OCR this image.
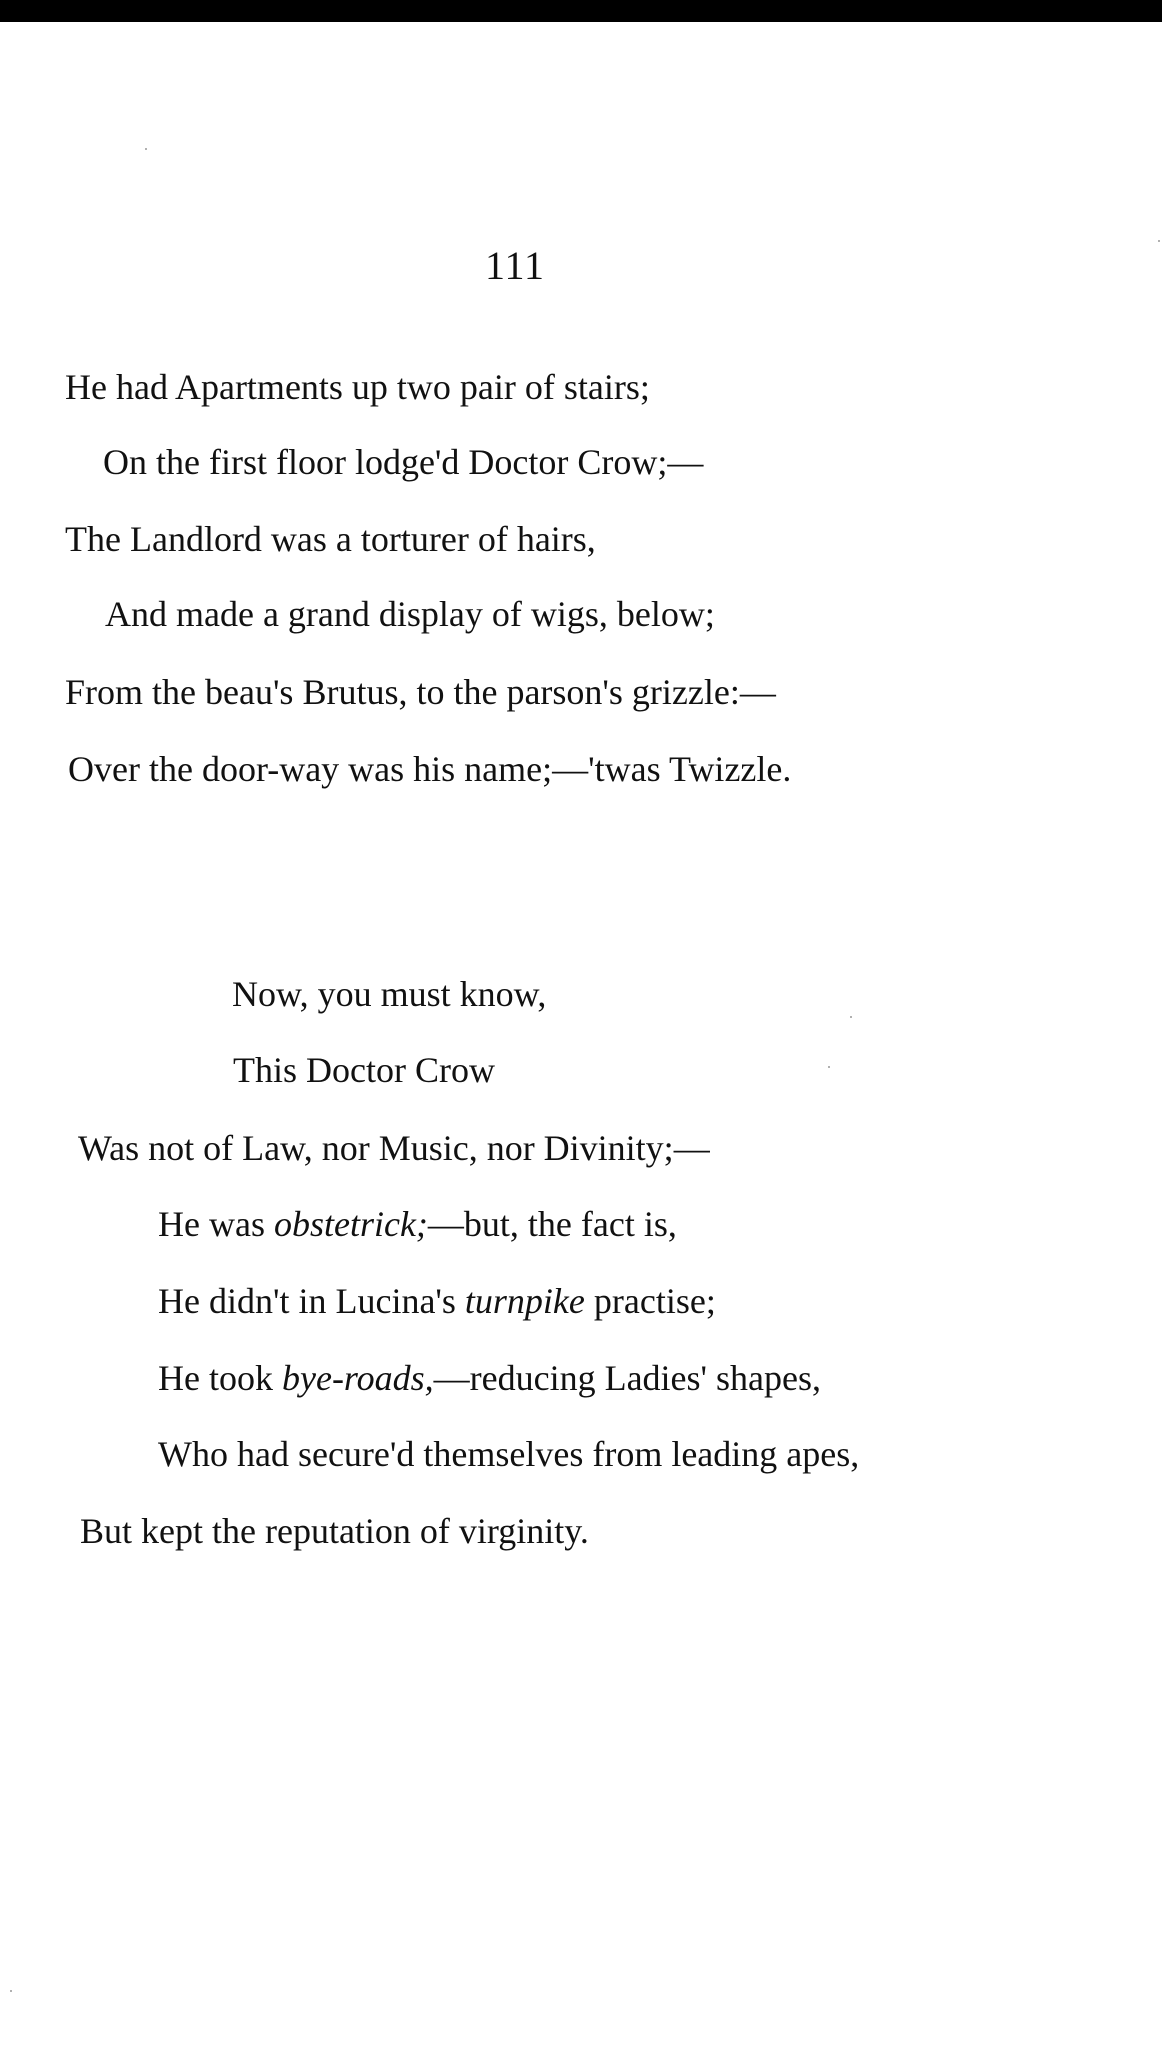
111
He had Apartments up two pair of stairs;
On the first floor lodge'd Doctor Crow;—
The Landlord was a torturer of hairs,
And made a grand display of wigs, below;
From the beau's Brutus, to the parson's grizzle:—
Over the door-way was his name;—'twas Twizzle.
Now, you must know,
This Doctor Crow
Was not of Law, nor Music, nor Divinity;—
He was obstetrick;—but, the fact is,
He didn't in Lucina's turnpike practise;
He took bye-roads,—reducing Ladies' shapes,
Who had secure'd themselves from leading apes,
But kept the reputation of virginity.
